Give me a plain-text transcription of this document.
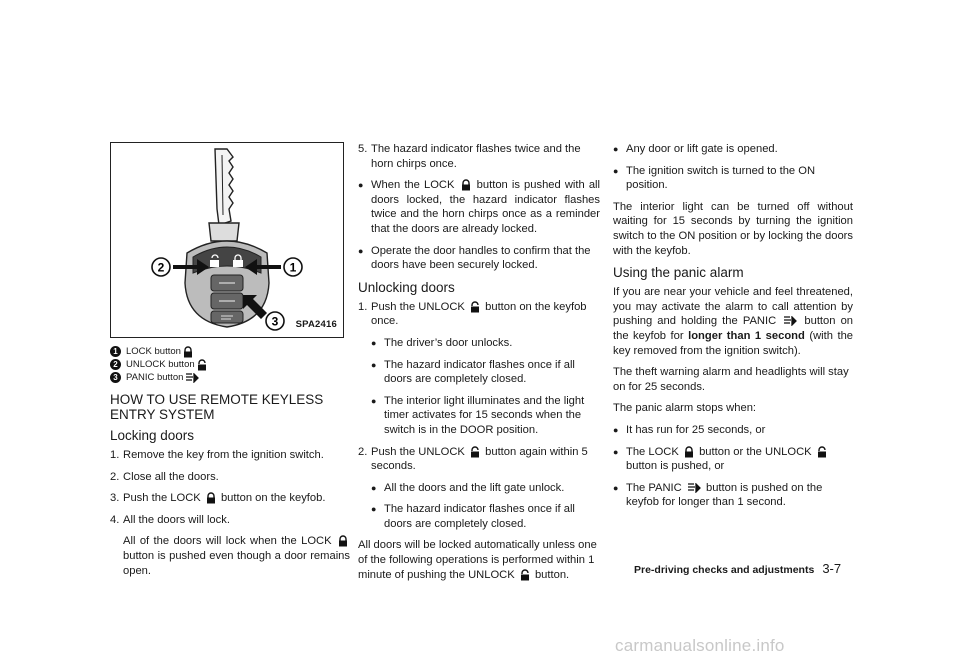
2	1
3 SPA2416
1 LOCK button
2 UNLOCK button
3 PANIC button
HOW TO USE REMOTE KEYLESS ENTRY SYSTEM
Locking doors
1. Remove the key from the ignition switch.
2. Close all the doors.
3. Push the LOCK button on the keyfob.
4. All the doors will lock.

All of the doors will lock when the LOCK  button is pushed even though a door remains open.

5. The hazard indicator flashes twice and the horn chirps once.
● When the LOCK button is pushed with all doors locked, the hazard indicator flashes twice and the horn chirps once as a reminder that the doors are already locked.
● Operate the door handles to confirm that the doors have been securely locked.
Unlocking doors
1. Push the UNLOCK button on the keyfob once.
● The driver’s door unlocks.
● The hazard indicator flashes once if all doors are completely closed.
● The interior light illuminates and the light timer activates for 15 seconds when the switch is in the DOOR position.
2. Push the UNLOCK button again within 5 seconds.
● All the doors and the lift gate unlock.
● The hazard indicator flashes once if all doors are completely closed.

All doors will be locked automatically unless one of the following operations is performed within 1 minute of pushing the UNLOCK button.

● Any door or lift gate is opened.
● The ignition switch is turned to the ON position.

The interior light can be turned off without waiting for 15 seconds by turning the ignition switch to the ON position or by locking the doors with the keyfob.

Using the panic alarm

If you are near your vehicle and feel threatened, you may activate the alarm to call attention by pushing and holding the PANIC	button on the keyfob for longer than 1 second (with the key removed from the ignition switch).

The theft warning alarm and headlights will stay on for 25 seconds.

The panic alarm stops when:

● It has run for 25 seconds, or
● The LOCK button or the UNLOCK  button is pushed, or
● The PANIC button is pushed on the keyfob for longer than 1 second.
Pre-driving checks and adjustments 3-7
carmanualsonline.info
